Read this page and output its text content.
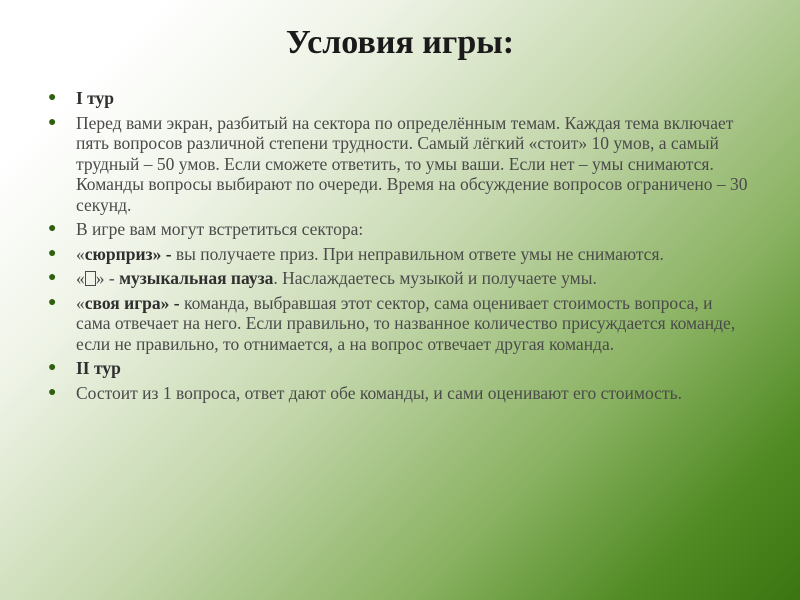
Условия игры:
●	I тур
●	Перед вами экран, разбитый на сектора по определённым темам. Каждая тема включает пять вопросов различной степени трудности. Самый лёгкий «стоит» 10 умов, а самый трудный – 50 умов. Если сможете ответить, то умы ваши. Если нет – умы снимаются. Команды вопросы выбирают по очереди. Время на обсуждение вопросов ограничено – 30 секунд.
●	В игре вам могут встретиться сектора:
●	«сюрприз» - вы получаете приз. При неправильном ответе умы не снимаются.
●	« » - музыкальная пауза. Наслаждаетесь музыкой и получаете умы.
●	«своя игра» - команда, выбравшая этот сектор, сама оценивает стоимость вопроса, и сама отвечает на него. Если правильно, то названное количество присуждается команде, если не правильно, то отнимается, а на вопрос отвечает другая команда.
●	II тур
●	Состоит из 1 вопроса, ответ дают обе команды, и сами оценивают его стоимость.
